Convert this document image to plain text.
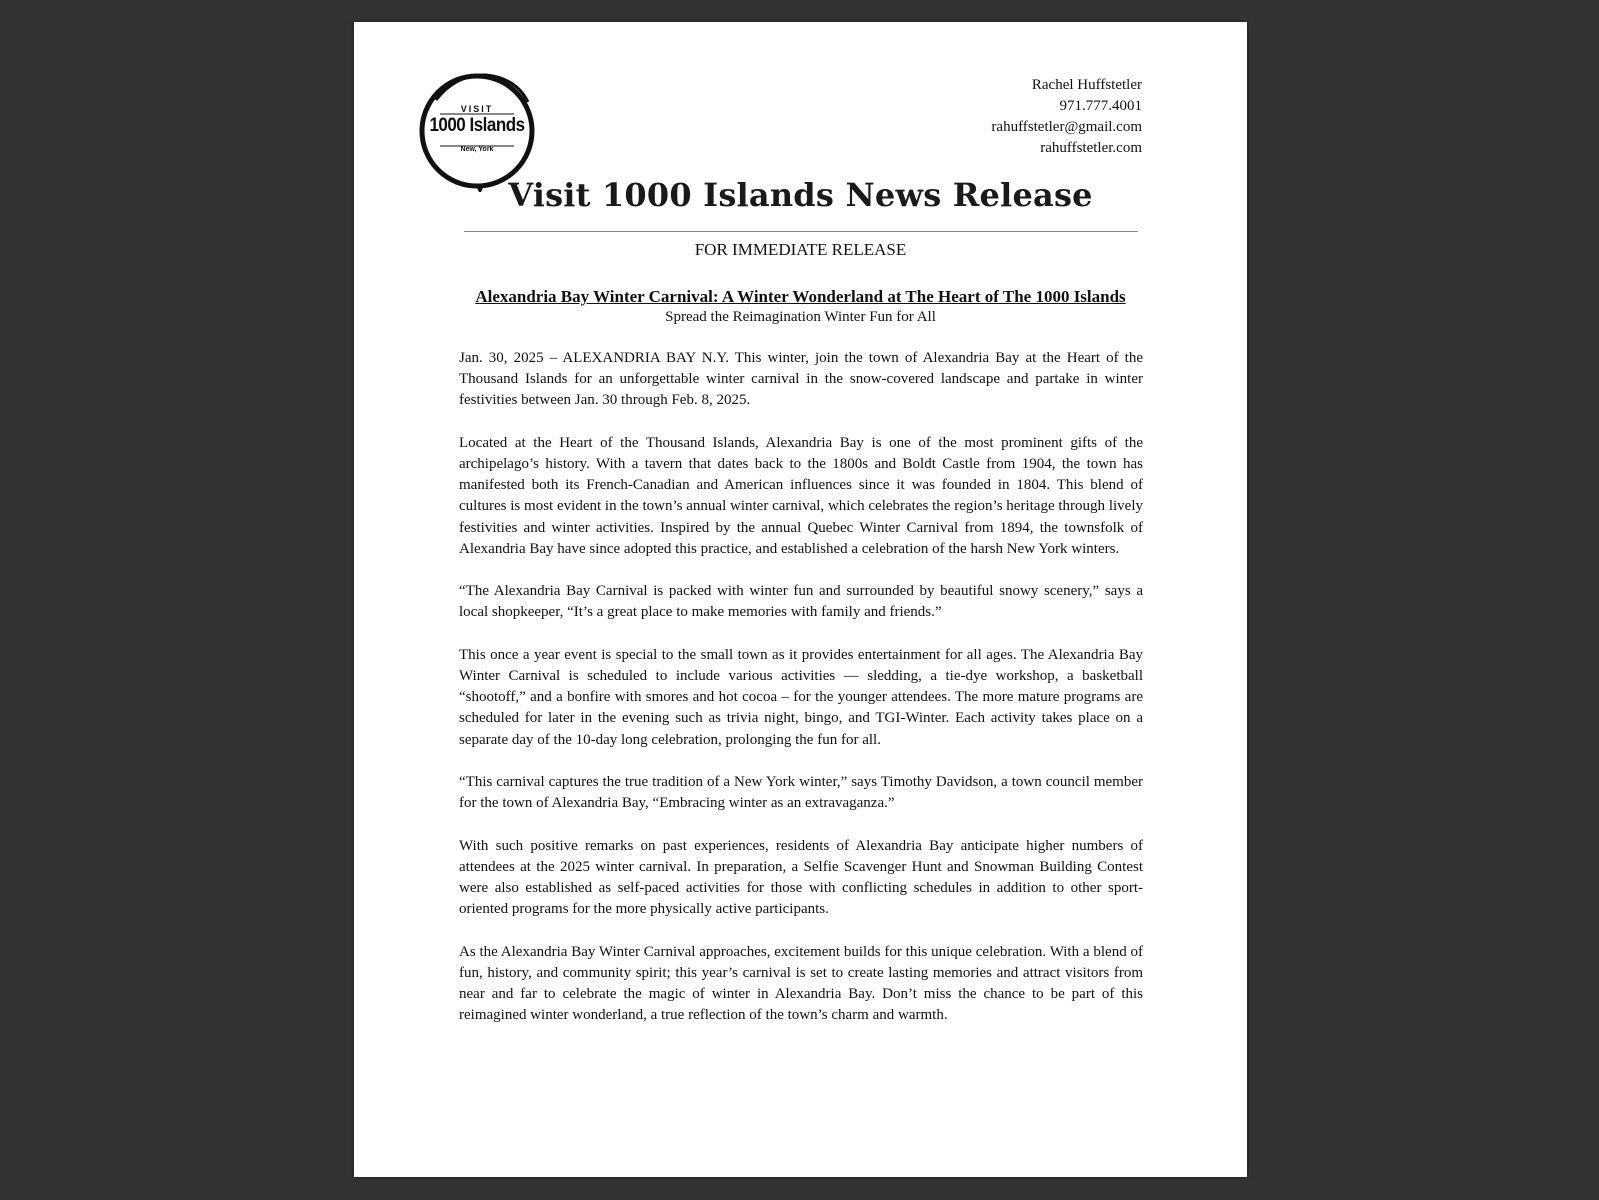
VISIT
1000 Islands
New, York
Rachel Huffstetler
971.777.4001
rahuffstetler@gmail.com
rahuffstetler.com
Visit 1000 Islands News Release
FOR IMMEDIATE RELEASE
Alexandria Bay Winter Carnival: A Winter Wonderland at The Heart of The 1000 Islands
Spread the Reimagination Winter Fun for All

Jan. 30, 2025 – ALEXANDRIA BAY N.Y. This winter, join the town of Alexandria Bay at the Heart of the Thousand Islands for an unforgettable winter carnival in the snow-covered landscape and partake in winter festivities between Jan. 30 through Feb. 8, 2025.

Located at the Heart of the Thousand Islands, Alexandria Bay is one of the most prominent gifts of the archipelago’s history. With a tavern that dates back to the 1800s and Boldt Castle from 1904, the town has manifested both its French-Canadian and American influences since it was founded in 1804. This blend of cultures is most evident in the town’s annual winter carnival, which celebrates the region’s heritage through lively festivities and winter activities. Inspired by the annual Quebec Winter Carnival from 1894, the townsfolk of Alexandria Bay have since adopted this practice, and established a celebration of the harsh New York winters.

“The Alexandria Bay Carnival is packed with winter fun and surrounded by beautiful snowy scenery,” says a local shopkeeper, “It’s a great place to make memories with family and friends.”

This once a year event is special to the small town as it provides entertainment for all ages. The Alexandria Bay Winter Carnival is scheduled to include various activities — sledding, a tie-dye workshop, a basketball “shootoff,” and a bonfire with smores and hot cocoa – for the younger attendees. The more mature programs are scheduled for later in the evening such as trivia night, bingo, and TGI-Winter. Each activity takes place on a separate day of the 10-day long celebration, prolonging the fun for all.

“This carnival captures the true tradition of a New York winter,” says Timothy Davidson, a town council member for the town of Alexandria Bay, “Embracing winter as an extravaganza.”

With such positive remarks on past experiences, residents of Alexandria Bay anticipate higher numbers of attendees at the 2025 winter carnival. In preparation, a Selfie Scavenger Hunt and Snowman Building Contest were also established as self-paced activities for those with conflicting schedules in addition to other sport-oriented programs for the more physically active participants.

As the Alexandria Bay Winter Carnival approaches, excitement builds for this unique celebration. With a blend of fun, history, and community spirit; this year’s carnival is set to create lasting memories and attract visitors from near and far to celebrate the magic of winter in Alexandria Bay. Don’t miss the chance to be part of this reimagined winter wonderland, a true reflection of the town’s charm and warmth.
